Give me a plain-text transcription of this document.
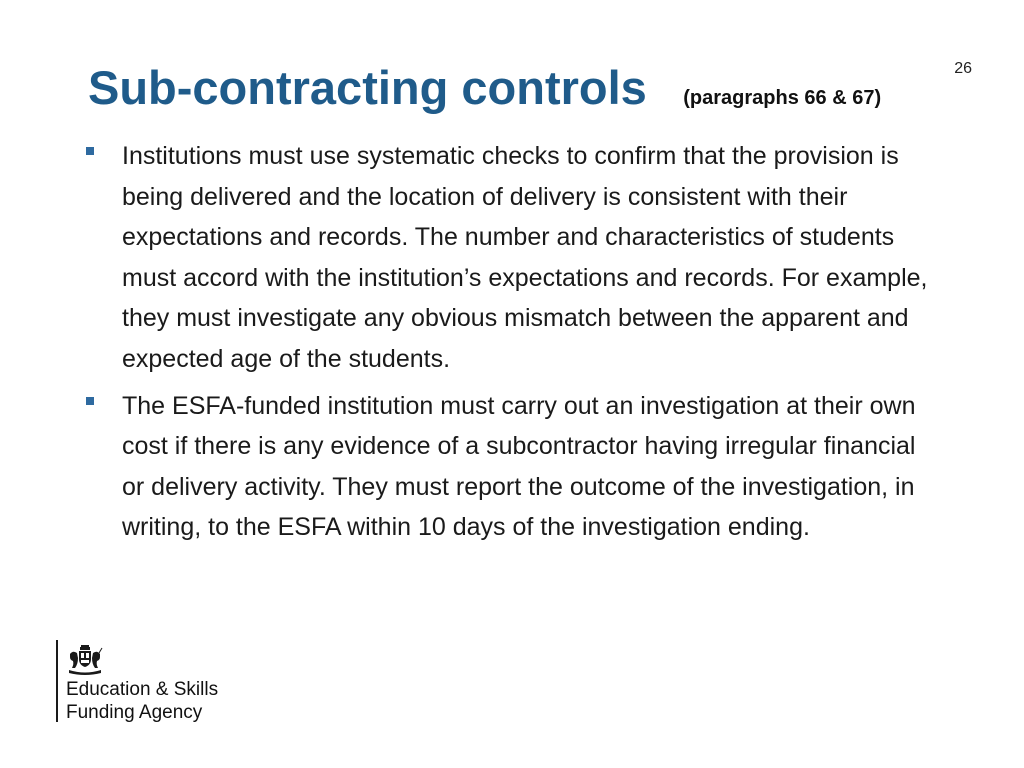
26
Sub-contracting controls (paragraphs 66 & 67)
Institutions must use systematic checks to confirm that the provision is being delivered and the location of delivery is consistent with their expectations and records. The number and characteristics of students must accord with the institution’s expectations and records. For example, they must investigate any obvious mismatch between the apparent and expected age of the students.
The ESFA-funded institution must carry out an investigation at their own cost if there is any evidence of a subcontractor having irregular financial or delivery activity. They must report the outcome of the investigation, in writing, to the ESFA within 10 days of the investigation ending.
Education & Skills
Funding Agency
